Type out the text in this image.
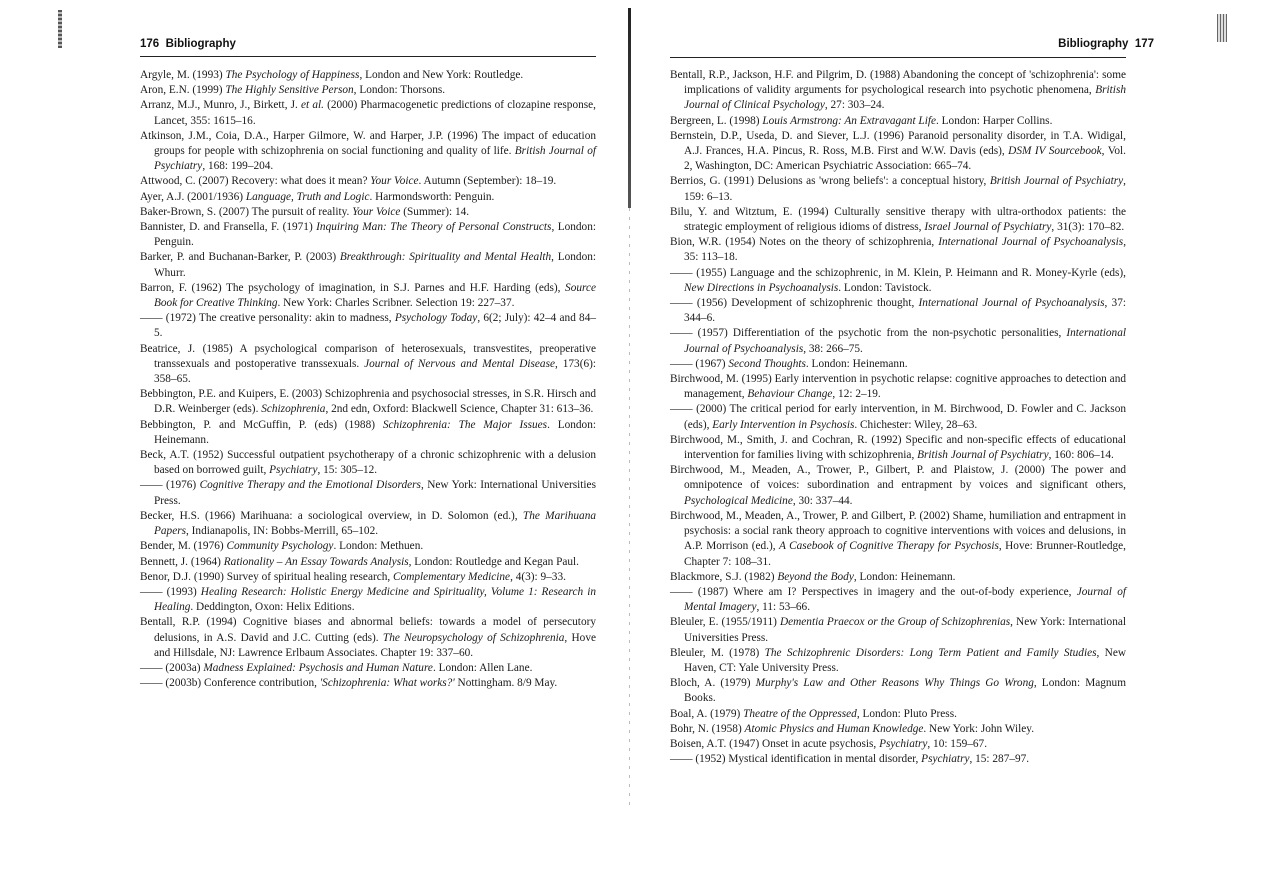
176 Bibliography

Argyle, M. (1993) The Psychology of Happiness, London and New York: Routledge.

Aron, E.N. (1999) The Highly Sensitive Person, London: Thorsons.

Arranz, M.J., Munro, J., Birkett, J. et al. (2000) Pharmacogenetic predictions of clozapine response, Lancet, 355: 1615–16.

Atkinson, J.M., Coia, D.A., Harper Gilmore, W. and Harper, J.P. (1996) The impact of education groups for people with schizophrenia on social functioning and quality of life. British Journal of Psychiatry, 168: 199–204.

Attwood, C. (2007) Recovery: what does it mean? Your Voice. Autumn (September): 18–19.

Ayer, A.J. (2001/1936) Language, Truth and Logic. Harmondsworth: Penguin.

Baker-Brown, S. (2007) The pursuit of reality. Your Voice (Summer): 14.

Bannister, D. and Fransella, F. (1971) Inquiring Man: The Theory of Personal Constructs, London: Penguin.

Barker, P. and Buchanan-Barker, P. (2003) Breakthrough: Spirituality and Mental Health, London: Whurr.

Barron, F. (1962) The psychology of imagination, in S.J. Parnes and H.F. Harding (eds), Source Book for Creative Thinking. New York: Charles Scribner. Selection 19: 227–37.

—— (1972) The creative personality: akin to madness, Psychology Today, 6(2; July): 42–4 and 84–5.

Beatrice, J. (1985) A psychological comparison of heterosexuals, transvestites, preoperative transsexuals and postoperative transsexuals. Journal of Nervous and Mental Disease, 173(6): 358–65.

Bebbington, P.E. and Kuipers, E. (2003) Schizophrenia and psychosocial stresses, in S.R. Hirsch and D.R. Weinberger (eds). Schizophrenia, 2nd edn, Oxford: Blackwell Science, Chapter 31: 613–36.

Bebbington, P. and McGuffin, P. (eds) (1988) Schizophrenia: The Major Issues. London: Heinemann.

Beck, A.T. (1952) Successful outpatient psychotherapy of a chronic schizophrenic with a delusion based on borrowed guilt, Psychiatry, 15: 305–12.

—— (1976) Cognitive Therapy and the Emotional Disorders, New York: International Universities Press.

Becker, H.S. (1966) Marihuana: a sociological overview, in D. Solomon (ed.), The Marihuana Papers, Indianapolis, IN: Bobbs-Merrill, 65–102.

Bender, M. (1976) Community Psychology. London: Methuen.

Bennett, J. (1964) Rationality – An Essay Towards Analysis, London: Routledge and Kegan Paul.

Benor, D.J. (1990) Survey of spiritual healing research, Complementary Medicine, 4(3): 9–33.

—— (1993) Healing Research: Holistic Energy Medicine and Spirituality, Volume 1: Research in Healing. Deddington, Oxon: Helix Editions.

Bentall, R.P. (1994) Cognitive biases and abnormal beliefs: towards a model of persecutory delusions, in A.S. David and J.C. Cutting (eds). The Neuropsychology of Schizophrenia, Hove and Hillsdale, NJ: Lawrence Erlbaum Associates. Chapter 19: 337–60.

—— (2003a) Madness Explained: Psychosis and Human Nature. London: Allen Lane.

—— (2003b) Conference contribution, 'Schizophrenia: What works?' Nottingham. 8/9 May.

Bibliography 177

Bentall, R.P., Jackson, H.F. and Pilgrim, D. (1988) Abandoning the concept of 'schizophrenia': some implications of validity arguments for psychological research into psychotic phenomena, British Journal of Clinical Psychology, 27: 303–24.

Bergreen, L. (1998) Louis Armstrong: An Extravagant Life. London: Harper Collins.

Bernstein, D.P., Useda, D. and Siever, L.J. (1996) Paranoid personality disorder, in T.A. Widigal, A.J. Frances, H.A. Pincus, R. Ross, M.B. First and W.W. Davis (eds), DSM IV Sourcebook, Vol. 2, Washington, DC: American Psychiatric Association: 665–74.

Berrios, G. (1991) Delusions as 'wrong beliefs': a conceptual history, British Journal of Psychiatry, 159: 6–13.

Bilu, Y. and Witztum, E. (1994) Culturally sensitive therapy with ultra-orthodox patients: the strategic employment of religious idioms of distress, Israel Journal of Psychiatry, 31(3): 170–82.

Bion, W.R. (1954) Notes on the theory of schizophrenia, International Journal of Psychoanalysis, 35: 113–18.

—— (1955) Language and the schizophrenic, in M. Klein, P. Heimann and R. Money-Kyrle (eds), New Directions in Psychoanalysis. London: Tavistock.

—— (1956) Development of schizophrenic thought, International Journal of Psychoanalysis, 37: 344–6.

—— (1957) Differentiation of the psychotic from the non-psychotic personalities, International Journal of Psychoanalysis, 38: 266–75.

—— (1967) Second Thoughts. London: Heinemann.

Birchwood, M. (1995) Early intervention in psychotic relapse: cognitive approaches to detection and management, Behaviour Change, 12: 2–19.

—— (2000) The critical period for early intervention, in M. Birchwood, D. Fowler and C. Jackson (eds), Early Intervention in Psychosis. Chichester: Wiley, 28–63.

Birchwood, M., Smith, J. and Cochran, R. (1992) Specific and non-specific effects of educational intervention for families living with schizophrenia, British Journal of Psychiatry, 160: 806–14.

Birchwood, M., Meaden, A., Trower, P., Gilbert, P. and Plaistow, J. (2000) The power and omnipotence of voices: subordination and entrapment by voices and significant others, Psychological Medicine, 30: 337–44.

Birchwood, M., Meaden, A., Trower, P. and Gilbert, P. (2002) Shame, humiliation and entrapment in psychosis: a social rank theory approach to cognitive interventions with voices and delusions, in A.P. Morrison (ed.), A Casebook of Cognitive Therapy for Psychosis, Hove: Brunner-Routledge, Chapter 7: 108–31.

Blackmore, S.J. (1982) Beyond the Body, London: Heinemann.

—— (1987) Where am I? Perspectives in imagery and the out-of-body experience, Journal of Mental Imagery, 11: 53–66.

Bleuler, E. (1955/1911) Dementia Praecox or the Group of Schizophrenias, New York: International Universities Press.

Bleuler, M. (1978) The Schizophrenic Disorders: Long Term Patient and Family Studies, New Haven, CT: Yale University Press.

Bloch, A. (1979) Murphy's Law and Other Reasons Why Things Go Wrong, London: Magnum Books.

Boal, A. (1979) Theatre of the Oppressed, London: Pluto Press.

Bohr, N. (1958) Atomic Physics and Human Knowledge. New York: John Wiley.

Boisen, A.T. (1947) Onset in acute psychosis, Psychiatry, 10: 159–67.

—— (1952) Mystical identification in mental disorder, Psychiatry, 15: 287–97.
